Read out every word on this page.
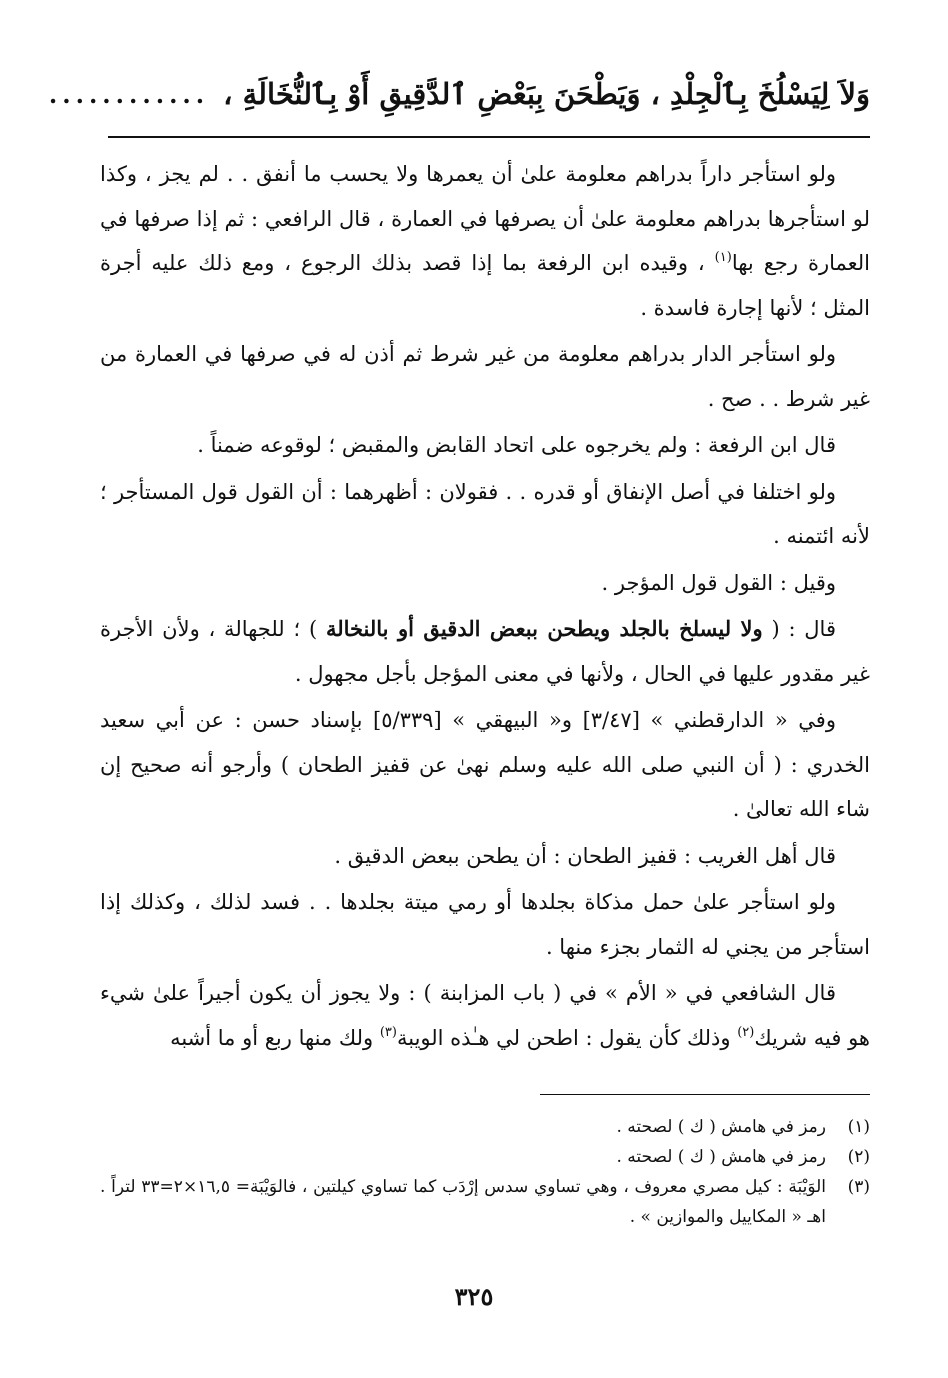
وَلاَ لِيَسْلُخَ بِٱلْجِلْدِ ، وَيَطْحَنَ بِبَعْضِ ٱلدَّقِيقِ أَوْ بِٱلنُّخَالَةِ ،
............

ولو استأجر داراً بدراهم معلومة علىٰ أن يعمرها ولا يحسب ما أنفق . . لم يجز ، وكذا لو استأجرها بدراهم معلومة علىٰ أن يصرفها في العمارة ، قال الرافعي : ثم إذا صرفها في العمارة رجع بها$^{(١)}$ ، وقيده ابن الرفعة بما إذا قصد بذلك الرجوع ، ومع ذلك عليه أجرة المثل ؛ لأنها إجارة فاسدة .

ولو استأجر الدار بدراهم معلومة من غير شرط ثم أذن له في صرفها في العمارة من غير شرط . . صح .

قال ابن الرفعة : ولم يخرجوه على اتحاد القابض والمقبض ؛ لوقوعه ضمناً .

ولو اختلفا في أصل الإنفاق أو قدره . . فقولان : أظهرهما : أن القول قول المستأجر ؛ لأنه ائتمنه .

وقيل : القول قول المؤجر .

قال : ( ولا ليسلخ بالجلد ويطحن ببعض الدقيق أو بالنخالة ) ؛ للجهالة ، ولأن الأجرة غير مقدور عليها في الحال ، ولأنها في معنى المؤجل بأجل مجهول .

وفي « الدارقطني » [٣/٤٧] و« البيهقي » [٥/٣٣٩] بإسناد حسن : عن أبي سعيد الخدري : ( أن النبي صلى الله عليه وسلم نهىٰ عن قفيز الطحان ) وأرجو أنه صحيح إن شاء الله تعالىٰ .

قال أهل الغريب : قفيز الطحان : أن يطحن ببعض الدقيق .

ولو استأجر علىٰ حمل مذكاة بجلدها أو رمي ميتة بجلدها . . فسد لذلك ، وكذلك إذا استأجر من يجني له الثمار بجزء منها .

قال الشافعي في « الأم » في ( باب المزابنة ) : ولا يجوز أن يكون أجيراً علىٰ شيء هو فيه شريك$^{(٢)}$ وذلك كأن يقول : اطحن لي هـٰذه الويبة$^{(٣)}$ ولك منها ربع أو ما أشبه

(١)
رمز في هامش ( ك ) لصحته .
(٢)
رمز في هامش ( ك ) لصحته .
(٣)
الوَيْبَة : كيل مصري معروف ، وهي تساوي سدس إرْدَب كما تساوي كيلتين ، فالوَيْبَة= ١٦,٥×٢=٣٣ لتراً . اهـ « المكاييل والموازين » .
٣٢٥
